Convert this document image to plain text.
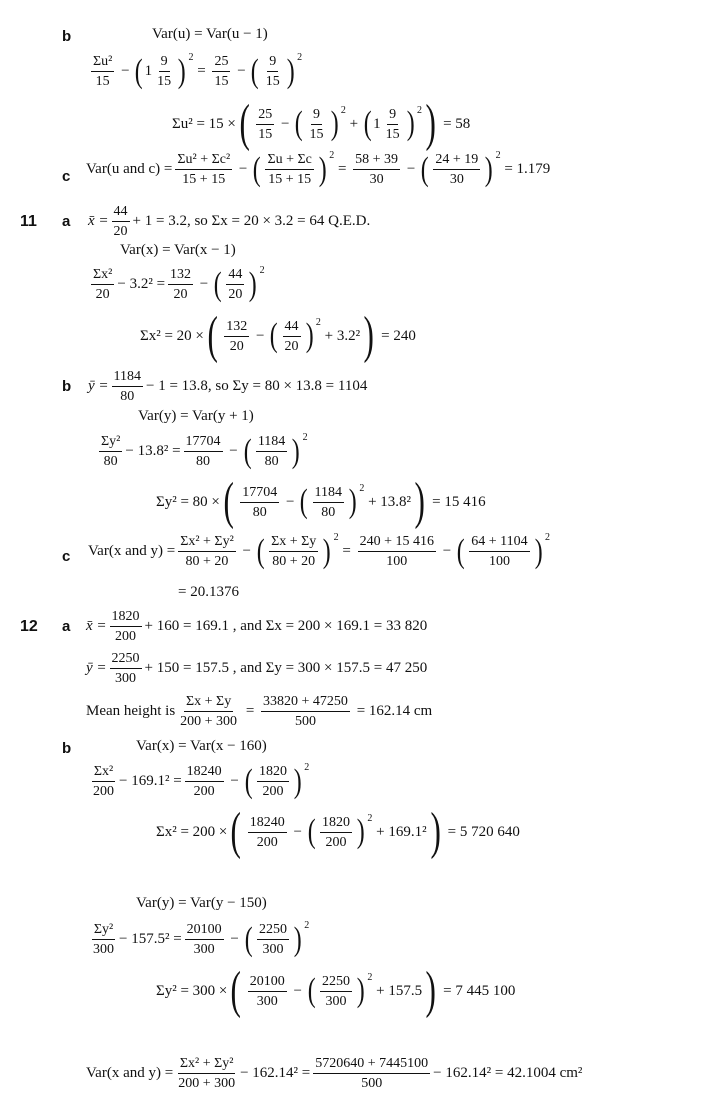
b	Var(u) = Var(u − 1)
$\frac{\text{Σu²}}{15}$ − ( $1 \frac{9}{15}$ ) 2
= $\frac{25}{15}$ − ( $\frac{9}{15}$ ) 2
Σu² = 15 × ( $\frac{25}{15}$ − ( $\frac{9}{15}$ ) 2
+ ( $1 \frac{9}{15}$ ) 2 )
= 58
c Var(u and $c) = \frac{\text{Σu² + Σc²}}{15 + 15}$ − ( $\frac{\Sigma u + \Sigma c}{15 + 15}$ ) 2
= $\frac{58 + 39}{30}$ − ( $\frac{24 + 19}{30}$ ) 2

= 1.179
11 a x̄ = $\frac{44}{20} + 1 = 3.2$, so Σx = 20 × 3.2 = 64 Q.E.D.
Var(x) = Var(x − 1)
$\frac{\text{Σx²}}{20} - 3.2^2 = \frac{132}{20}$ − ( $\frac{44}{20}$ ) 2
Σx² = 20 × ( $\frac{132}{20}$ − ( $\frac{44}{20}$ ) 2

+ 3.2² )
= 240
b ȳ = $\frac{1184}{80} - 1 = 13.8$, so Σy = 80 × 13.8 = 1104
Var(y) = Var(y + 1)
$\frac{\text{Σy²}}{80} - 13.8^2 = \frac{17704}{80}$ − ( $\frac{1184}{80}$ ) 2
Σy² = 80 × ( $\frac{17704}{80}$ − ( $\frac{1184}{80}$ ) 2

+ 13.8² )
= 15 416
c Var(x and $y) = \frac{\text{Σx² + Σy²}}{80 + 20}$ − ( $\frac{\Sigma x + \Sigma y}{80 + 20}$ ) 2
= $\frac{240 + 15 416}{100}$ − ( $\frac{64 + 1104}{100}$ ) 2
= 20.1376
12 a x̄ = $\frac{1820}{200} + 160 = 169.1$ , and Σx = 200 × 169.1 = 33 820
ȳ = $\frac{2250}{300} + 150 = 157.5$ , and Σy = 300 × 157.5 = 47 250
Mean height is $\frac{\Sigma x + \Sigma y}{200 + 300} = \frac{33820 + 47250}{500}$
= 162.14 cm
b	Var(x) = Var(x − 160)
$\frac{\text{Σx²}}{200} - 169.1^2 = \frac{18240}{200}$ − ( $\frac{1820}{200}$ ) 2
Σx² = 200 × ( $\frac{18240}{200}$ − ( $\frac{1820}{200}$ ) 2

+ 169.1² )
= 5 720 640
Var(y) = Var(y − 150)
$\frac{\text{Σy²}}{300} - 157.5^2 = \frac{20100}{300}$ − ( $\frac{2250}{300}$ ) 2
Σy² = 300 × ( $\frac{20100}{300}$ − ( $\frac{2250}{300}$ ) 2

+ 157.5 )
= 7 445 100
Var(x and $y) = \frac{\text{Σx² + Σy²}}{200 + 300} - 162.14^2 = \frac{5720640 + 7445100}{500} - 162.14^2 = 42.1004$ cm²
